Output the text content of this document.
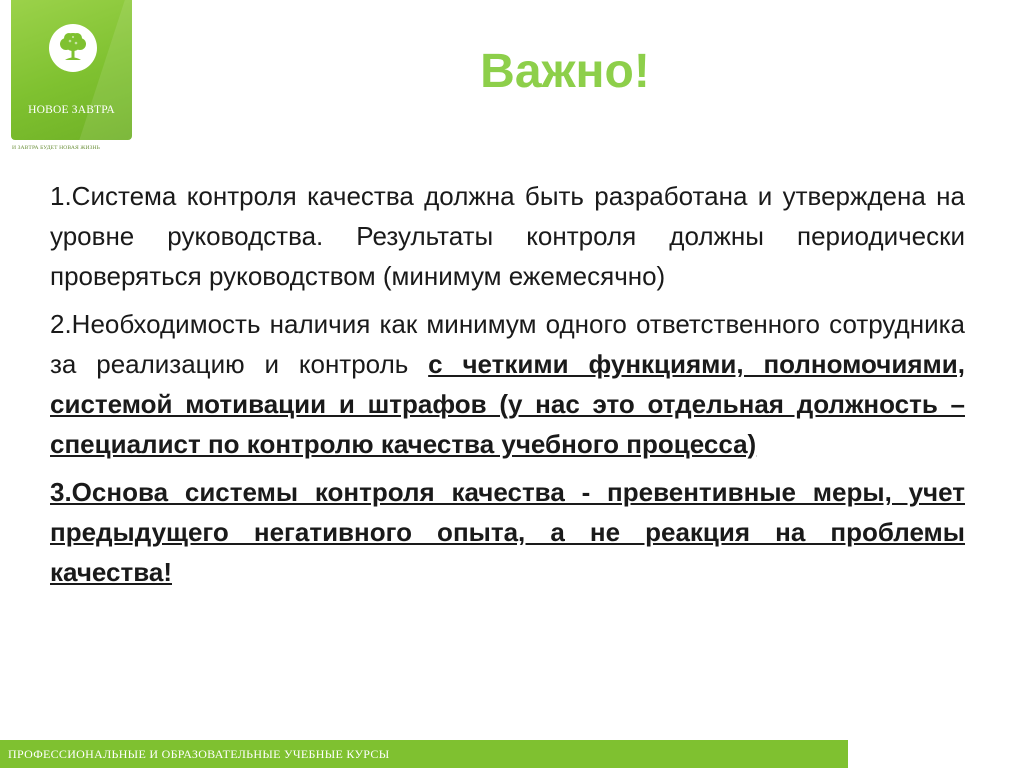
НОВОЕ ЗАВТРА
И ЗАВТРА БУДЕТ НОВАЯ ЖИЗНЬ
Важно!

1.Система контроля качества должна быть разработана и утверждена на уровне руководства. Результаты контроля должны периодически проверяться руководством (минимум ежемесячно)

2.Необходимость наличия как минимум одного ответственного сотрудника за реализацию и контроль с четкими функциями, полномочиями, системой мотивации и штрафов (у нас это отдельная должность – специалист по контролю качества учебного процесса)

3.Основа системы контроля качества - превентивные меры, учет предыдущего негативного опыта, а не реакция на проблемы качества!

ПРОФЕССИОНАЛЬНЫЕ И ОБРАЗОВАТЕЛЬНЫЕ УЧЕБНЫЕ КУРСЫ
